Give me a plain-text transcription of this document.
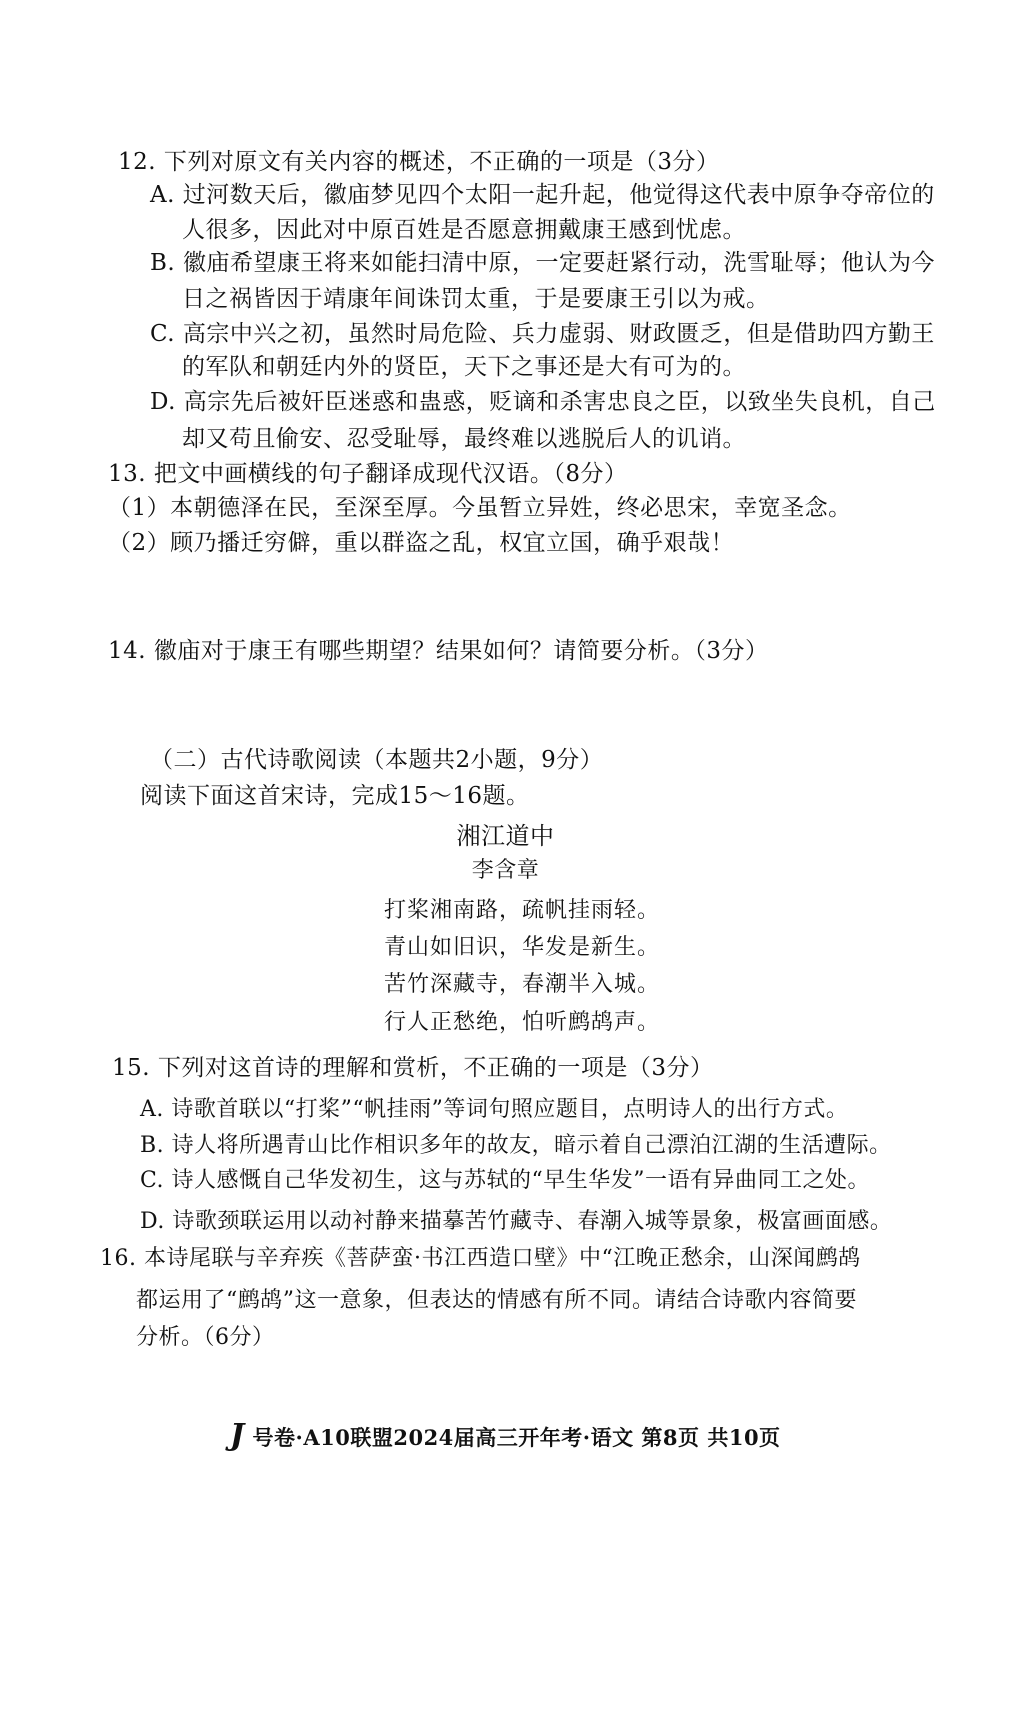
12. 下列对原文有关内容的概述，不正确的一项是（3分）
A. 过河数天后，徽庙梦见四个太阳一起升起，他觉得这代表中原争夺帝位的
人很多，因此对中原百姓是否愿意拥戴康王感到忧虑。
B. 徽庙希望康王将来如能扫清中原，一定要赶紧行动，洗雪耻辱；他认为今
日之祸皆因于靖康年间诛罚太重，于是要康王引以为戒。
C. 高宗中兴之初，虽然时局危险、兵力虚弱、财政匮乏，但是借助四方勤王
的军队和朝廷内外的贤臣，天下之事还是大有可为的。
D. 高宗先后被奸臣迷惑和蛊惑，贬谪和杀害忠良之臣，以致坐失良机，自己
却又苟且偷安、忍受耻辱，最终难以逃脱后人的讥诮。
13. 把文中画横线的句子翻译成现代汉语。（8分）
（1）本朝德泽在民，至深至厚。今虽暂立异姓，终必思宋，幸宽圣念。
（2）顾乃播迁穷僻，重以群盗之乱，权宜立国，确乎艰哉！
14. 徽庙对于康王有哪些期望？结果如何？请简要分析。（3分）
（二）古代诗歌阅读（本题共2小题，9分）
阅读下面这首宋诗，完成15～16题。
湘江道中
李含章
打桨湘南路，疏帆挂雨轻。
青山如旧识，华发是新生。
苦竹深藏寺，春潮半入城。
行人正愁绝，怕听鹧鸪声。
15. 下列对这首诗的理解和赏析，不正确的一项是（3分）
A. 诗歌首联以“打桨”“帆挂雨”等词句照应题目，点明诗人的出行方式。
B. 诗人将所遇青山比作相识多年的故友，暗示着自己漂泊江湖的生活遭际。
C. 诗人感慨自己华发初生，这与苏轼的“早生华发”一语有异曲同工之处。
D. 诗歌颈联运用以动衬静来描摹苦竹藏寺、春潮入城等景象，极富画面感。
16. 本诗尾联与辛弃疾《菩萨蛮·书江西造口壁》中“江晚正愁余，山深闻鹧鸪
都运用了“鹧鸪”这一意象，但表达的情感有所不同。请结合诗歌内容简要
分析。（6分）
J 号卷·A10联盟2024届高三开年考·语文 第8页 共10页
